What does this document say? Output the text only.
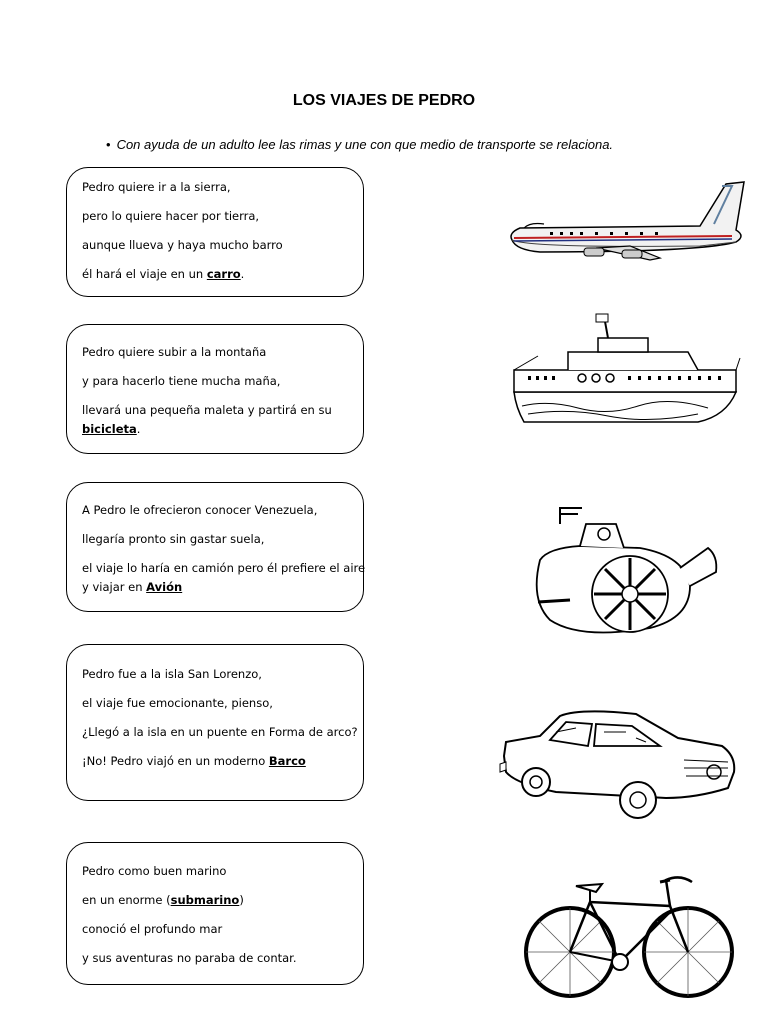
LOS VIAJES DE PEDRO
• Con ayuda de un adulto lee las rimas y une con que medio de transporte se relaciona.
Pedro quiere ir a la sierra,
pero lo quiere hacer por tierra,
aunque llueva y haya mucho barro
él hará el viaje en un carro.
Pedro quiere subir a la montaña
y para hacerlo tiene mucha maña,
llevará una pequeña maleta y partirá en su
bicicleta.
A Pedro le ofrecieron conocer Venezuela,
llegaría pronto sin gastar suela,
el viaje lo haría en camión pero él prefiere el aire
y viajar en Avión
Pedro fue a la isla San Lorenzo,
el viaje fue emocionante, pienso,
¿Llegó a la isla en un puente en Forma de arco?
¡No! Pedro viajó en un moderno Barco
Pedro como buen marino
en un enorme (submarino)
conoció el profundo mar
y sus aventuras no paraba de contar.
